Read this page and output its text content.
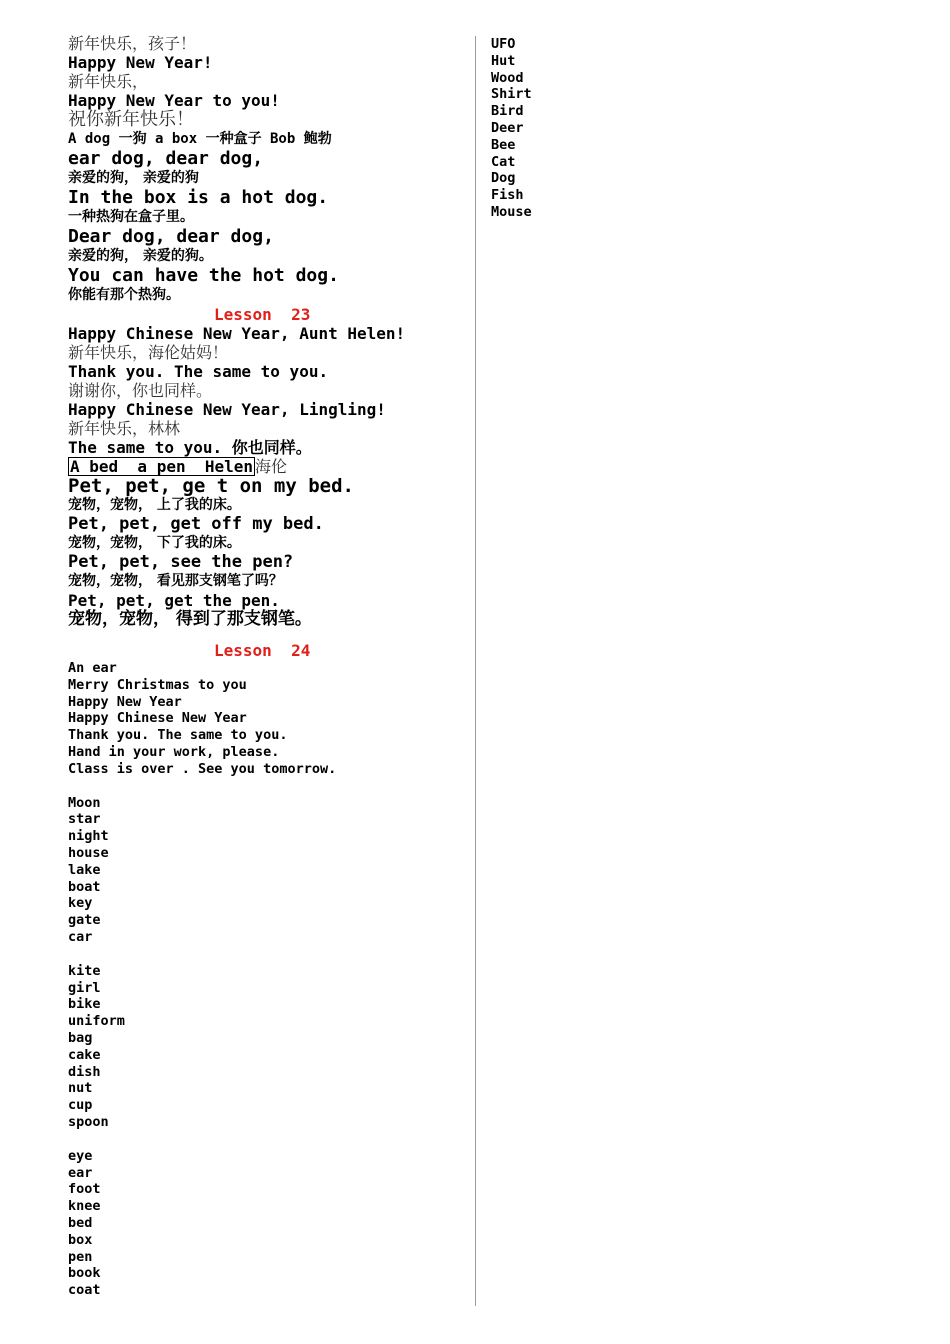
新年快乐，孩子！
Happy New Year!
新年快乐，
Happy New Year to you!
祝你新年快乐！
A dog 一狗 a box 一种盒子 Bob 鲍勃
ear dog, dear dog,
亲爱的狗， 亲爱的狗
In the box is a hot dog.
一种热狗在盒子里。
Dear dog, dear dog,
亲爱的狗， 亲爱的狗。
You can have the hot dog.
你能有那个热狗。
Lesson  23
Happy Chinese New Year, Aunt Helen!
新年快乐，海伦姑妈！
Thank you. The same to you.
谢谢你，你也同样。
Happy Chinese New Year, Lingling!
新年快乐，林林
The same to you. 你也同样。
A bed  a pen  Helen 海伦
Pet, pet, ge t on my bed.
宠物，宠物， 上了我的床。
Pet, pet, get off my bed.
宠物，宠物， 下了我的床。
Pet, pet, see the pen?
宠物，宠物， 看见那支钢笔了吗？
Pet, pet, get the pen.
宠物，宠物， 得到了那支钢笔。
Lesson  24
An ear
Merry Christmas to you
Happy New Year
Happy Chinese New Year
Thank you. The same to you.
Hand in your work, please.
Class is over . See you tomorrow.
Moon
star
night
house
lake
boat
key
gate
car
kite
girl
bike
uniform
bag
cake
dish
nut
cup
spoon
eye
ear
foot
knee
bed
box
pen
book
coat
UFO
Hut
Wood
Shirt
Bird
Deer
Bee
Cat
Dog
Fish
Mouse
